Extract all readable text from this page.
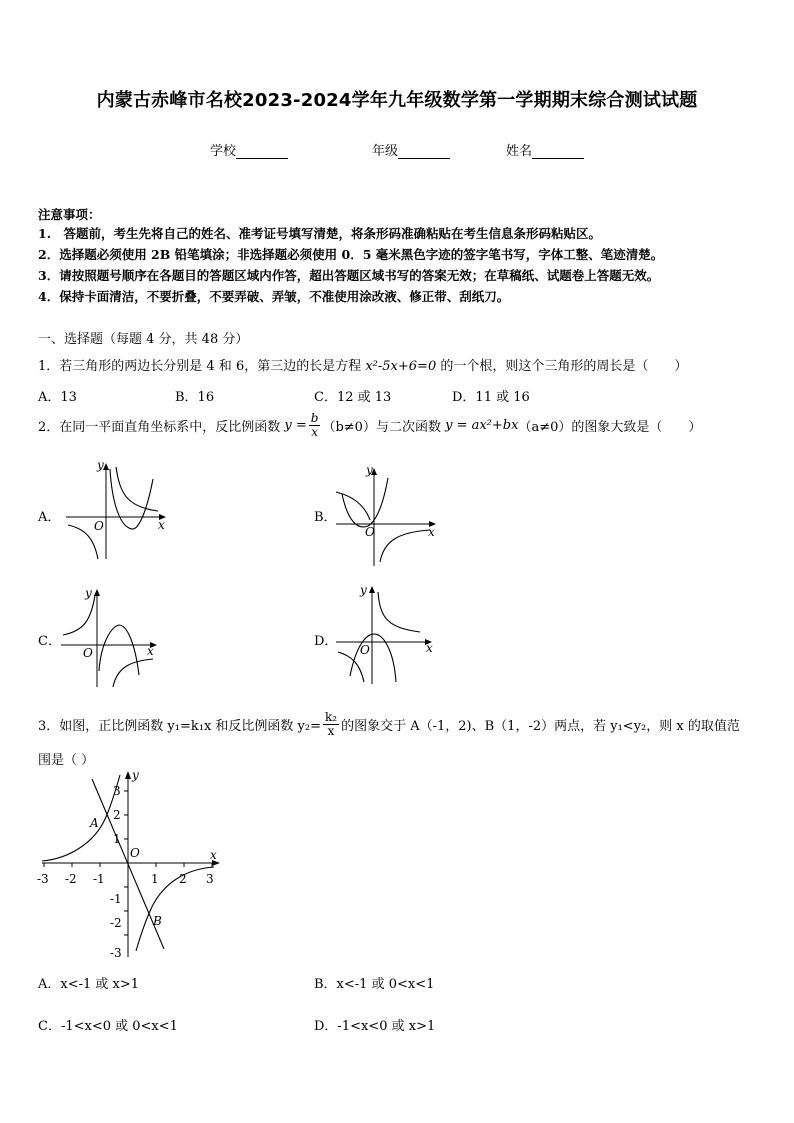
内蒙古赤峰市名校2023-2024学年九年级数学第一学期期末综合测试试题
学校	年级	姓名
注意事项：
1.　答题前，考生先将自己的姓名、准考证号填写清楚，将条形码准确粘贴在考生信息条形码粘贴区。
2．选择题必须使用 2B 铅笔填涂；非选择题必须使用 0．5 毫米黑色字迹的签字笔书写，字体工整、笔迹清楚。
3．请按照题号顺序在各题目的答题区域内作答，超出答题区域书写的答案无效；在草稿纸、试题卷上答题无效。
4．保持卡面清洁，不要折叠，不要弄破、弄皱，不准使用涂改液、修正带、刮纸刀。
一、选择题（每题 4 分，共 48 分）
1．若三角形的两边长分别是 4 和 6，第三边的长是方程 x²-5x+6=0 的一个根，则这个三角形的周长是（　　）
A．13	B．16	C．12 或 13	D．11 或 16
2．在同一平面直角坐标系中，反比例函数 $y = \frac{b}{x} (b\ne 0)$与二次函数 y = ax²+bx（a≠0）的图象大致是（　　）
A．	B．
C．	D．
x
y
O	x
y
O
x
y
O	x
y
O
3．如图，正比例函数 y₁=k₁x 和反比例函数 $y_2= \frac{\text{k₂}}{x}$ 的图象交于 A（-1，2)、B（1，-2）两点，若 y₁<y₂，则 x 的取值范
围是（ ）
x
y
O
-3 -2 -1	1 2 3
3
2
1
-1
-2
-3
A
B
A．x<-1 或 x>1	B．x<-1 或 0<x<1
C．-1<x<0 或 0<x<1	D．-1<x<0 或 x>1
